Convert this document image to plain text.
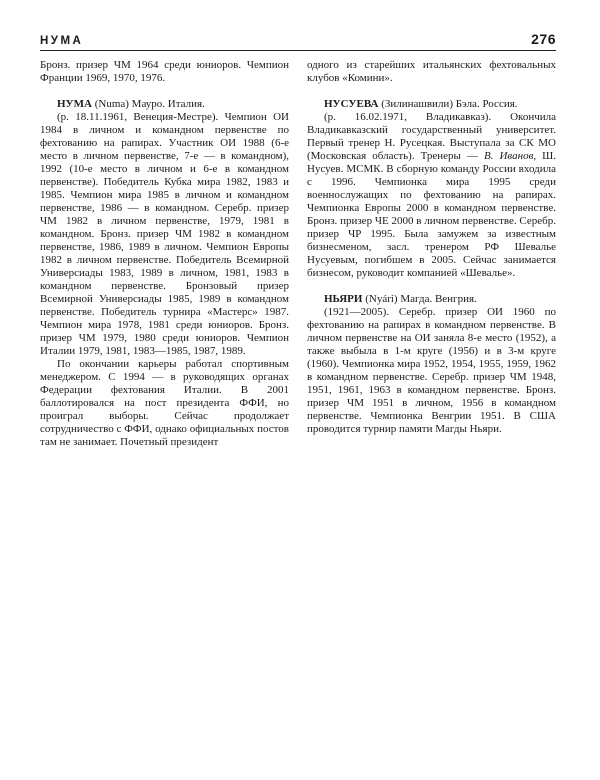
НУМА	276

Бронз. призер ЧМ 1964 среди юниоров. Чемпион Франции 1969, 1970, 1976.

НУМА (Numa) Мауро. Италия.

(р. 18.11.1961, Венеция-Местре). Чемпион ОИ 1984 в личном и командном первенстве по фехтованию на рапирах. Участник ОИ 1988 (6-е место в личном первенстве, 7-е — в командном), 1992 (10-е место в личном и 6-е в командном первенстве). Победитель Кубка мира 1982, 1983 и 1985. Чемпион мира 1985 в личном и командном первенстве, 1986 — в командном. Серебр. призер ЧМ 1982 в личном первенстве, 1979, 1981 в командном. Бронз. призер ЧМ 1982 в командном первенстве, 1986, 1989 в личном. Чемпион Европы 1982 в личном первенстве. Победитель Всемирной Универсиады 1983, 1989 в личном, 1981, 1983 в командном первенстве. Бронзовый призер Всемирной Универсиады 1985, 1989 в командном первенстве. Победитель турнира «Мастерс» 1987. Чемпион мира 1978, 1981 среди юниоров. Бронз. призер ЧМ 1979, 1980 среди юниоров. Чемпион Италии 1979, 1981, 1983—1985, 1987, 1989.

По окончании карьеры работал спортивным менеджером. С 1994 — в руководящих органах Федерации фехтования Италии. В 2001 баллотировался на пост президента ФФИ, но проиграл выборы. Сейчас продолжает сотрудничество с ФФИ, однако официальных постов там не занимает. Почетный президент

одного из старейших итальянских фехтовальных клубов «Комини».

НУСУЕВА (Зилинашвили) Бэла. Россия.

(р. 16.02.1971, Владикавказ). Окончила Владикавказский государственный университет. Первый тренер Н. Русецкая. Выступала за СК МО (Московская область). Тренеры — В. Иванов, Ш. Нусуев. МСМК. В сборную команду России входила с 1996. Чемпионка мира 1995 среди военнослужащих по фехтованию на рапирах. Чемпионка Европы 2000 в командном первенстве. Бронз. призер ЧЕ 2000 в личном первенстве. Серебр. призер ЧР 1995. Была замужем за известным бизнесменом, засл. тренером РФ Шевалье Нусуевым, погибшем в 2005. Сейчас занимается бизнесом, руководит компанией «Шевалье».

НЬЯРИ (Nyári) Магда. Венгрия.

(1921—2005). Серебр. призер ОИ 1960 по фехтованию на рапирах в командном первенстве. В личном первенстве на ОИ заняла 8-е место (1952), а также выбыла в 1-м круге (1956) и в 3-м круге (1960). Чемпионка мира 1952, 1954, 1955, 1959, 1962 в командном первенстве. Серебр. призер ЧМ 1948, 1951, 1961, 1963 в командном первенстве. Бронз. призер ЧМ 1951 в личном, 1956 в командном первенстве. Чемпионка Венгрии 1951. В США проводится турнир памяти Магды Ньяри.
